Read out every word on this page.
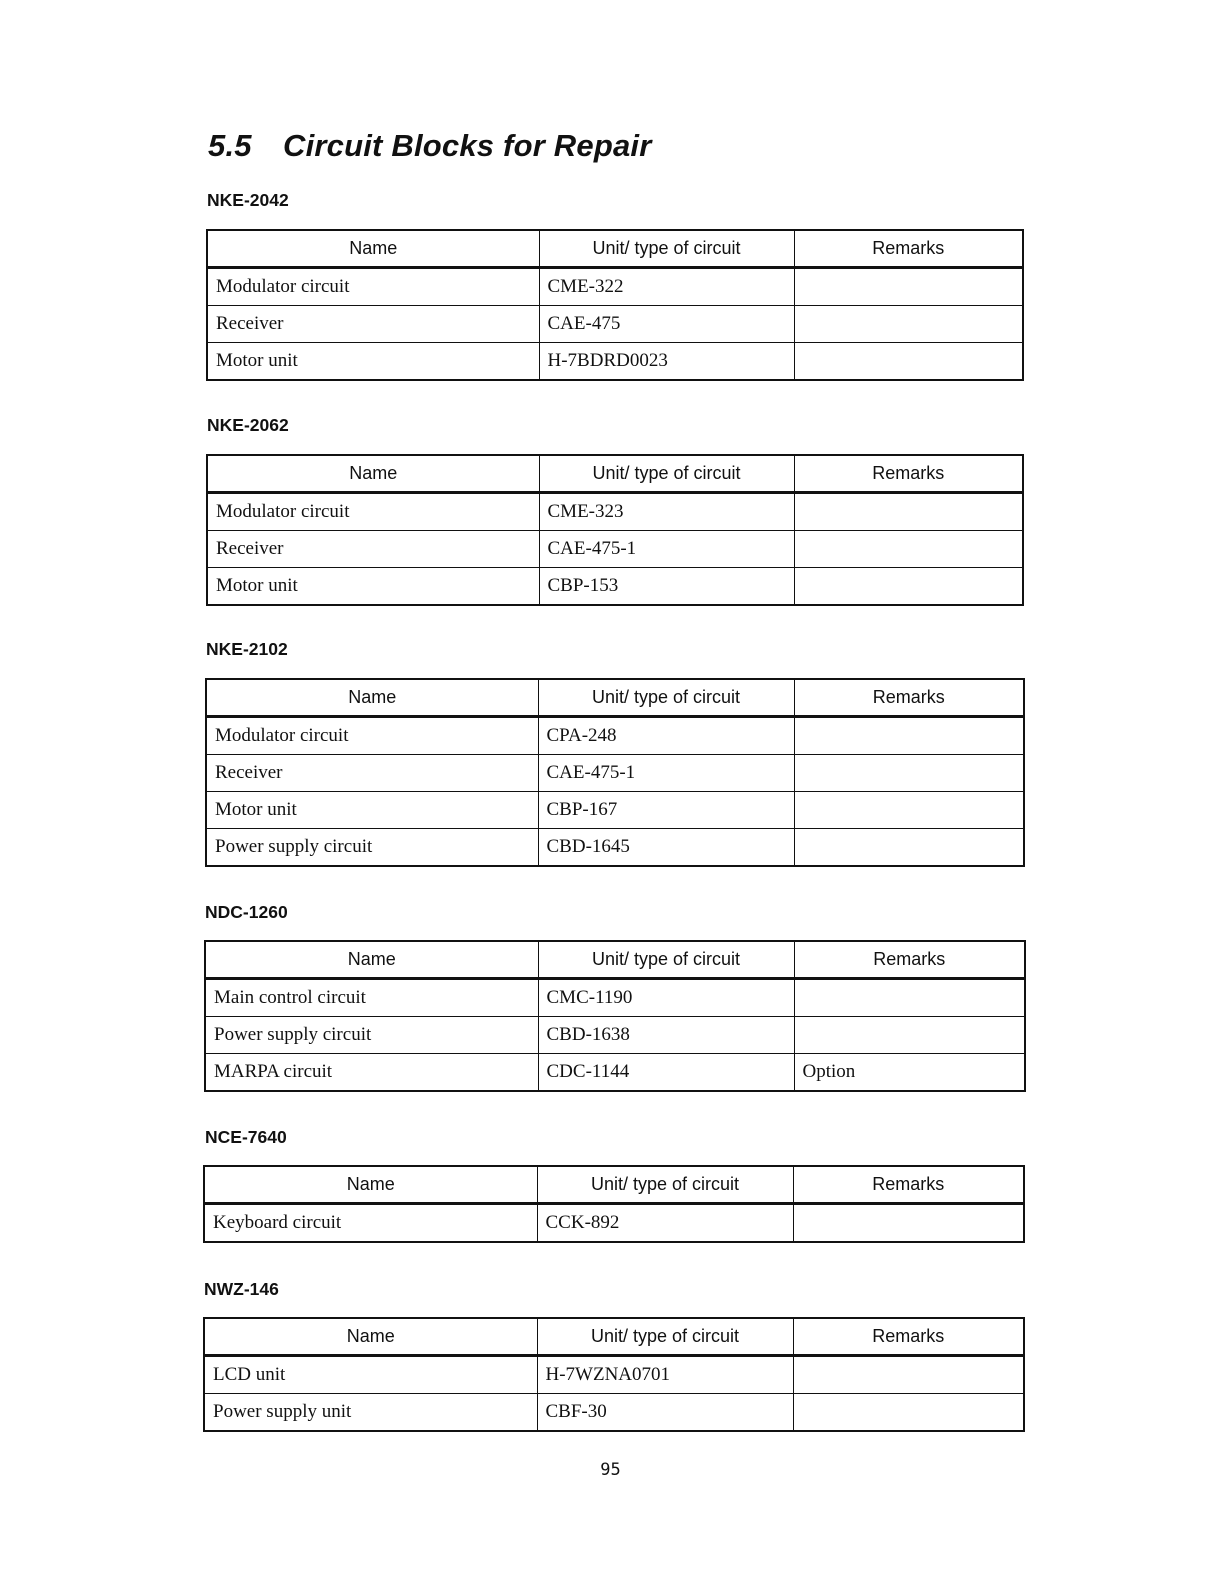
5.5 Circuit Blocks for Repair
NKE-2042
Name	Unit/ type of circuit	Remarks
Modulator circuit	CME-322	
Receiver	CAE-475	
Motor unit	H-7BDRD0023	
NKE-2062
Name	Unit/ type of circuit	Remarks
Modulator circuit	CME-323	
Receiver	CAE-475-1	
Motor unit	CBP-153	
NKE-2102
Name	Unit/ type of circuit	Remarks
Modulator circuit	CPA-248	
Receiver	CAE-475-1	
Motor unit	CBP-167	
Power supply circuit	CBD-1645	
NDC-1260
Name	Unit/ type of circuit	Remarks
Main control circuit	CMC-1190	
Power supply circuit	CBD-1638	
MARPA circuit	CDC-1144	Option
NCE-7640
Name	Unit/ type of circuit	Remarks
Keyboard circuit	CCK-892	
NWZ-146
Name	Unit/ type of circuit	Remarks
LCD unit	H-7WZNA0701	
Power supply unit	CBF-30	
95
